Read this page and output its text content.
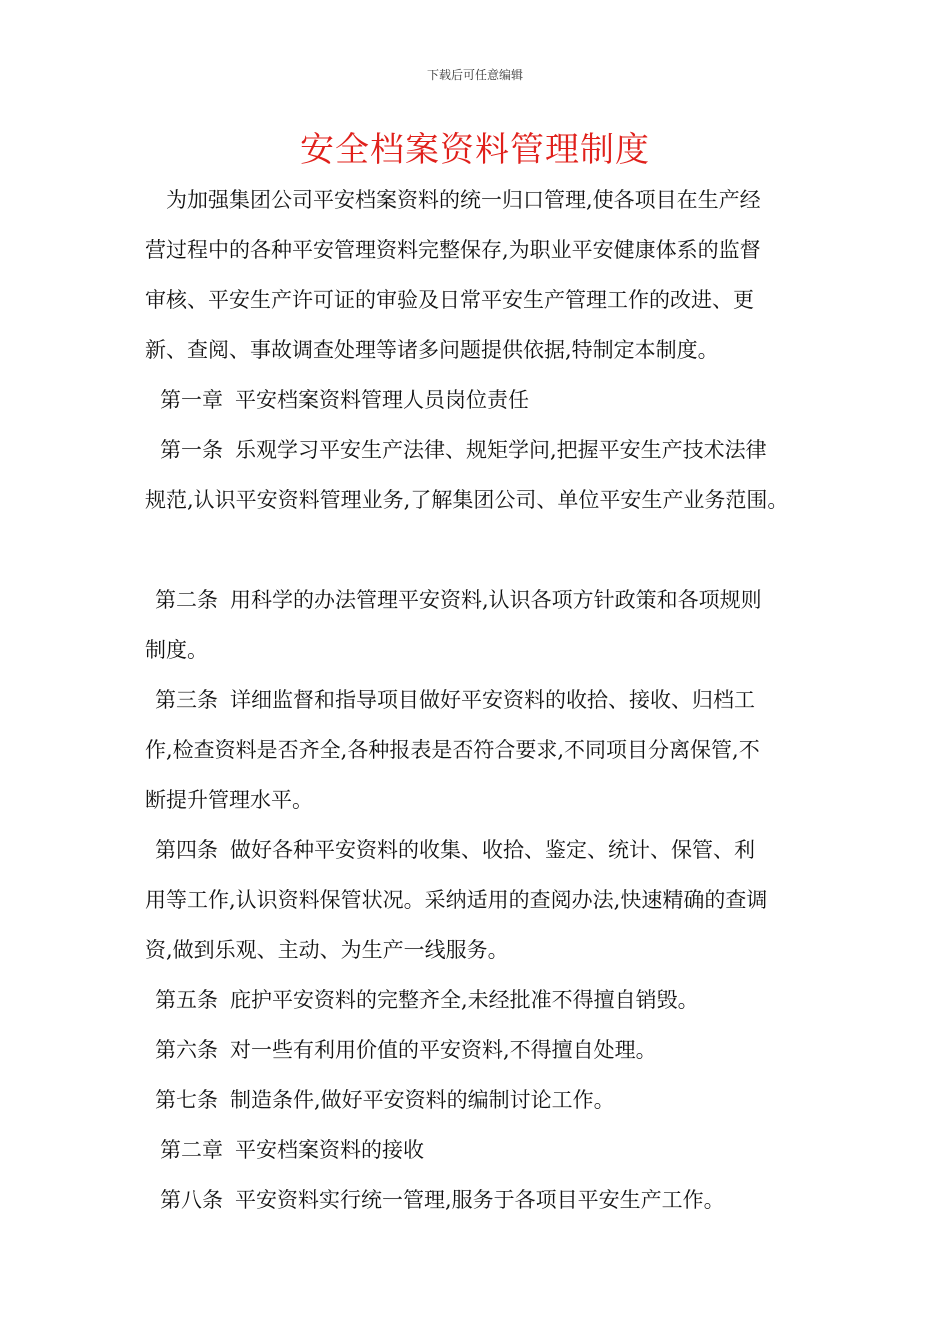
下载后可任意编辑
安全档案资料管理制度
为加强集团公司平安档案资料的统一归口管理,使各项目在生产经
营过程中的各种平安管理资料完整保存,为职业平安健康体系的监督
审核、平安生产许可证的审验及日常平安生产管理工作的改进、更
新、查阅、事故调查处理等诸多问题提供依据,特制定本制度。
第一章 平安档案资料管理人员岗位责任
第一条 乐观学习平安生产法律、规矩学问,把握平安生产技术法律
规范,认识平安资料管理业务,了解集团公司、单位平安生产业务范围。
第二条 用科学的办法管理平安资料,认识各项方针政策和各项规则
制度。
第三条 详细监督和指导项目做好平安资料的收拾、接收、归档工
作,检查资料是否齐全,各种报表是否符合要求,不同项目分离保管,不
断提升管理水平。
第四条 做好各种平安资料的收集、收拾、鉴定、统计、保管、利
用等工作,认识资料保管状况。采纳适用的查阅办法,快速精确的查调
资,做到乐观、主动、为生产一线服务。
第五条 庇护平安资料的完整齐全,未经批准不得擅自销毁。
第六条 对一些有利用价值的平安资料,不得擅自处理。
第七条 制造条件,做好平安资料的编制讨论工作。
第二章 平安档案资料的接收
第八条 平安资料实行统一管理,服务于各项目平安生产工作。
